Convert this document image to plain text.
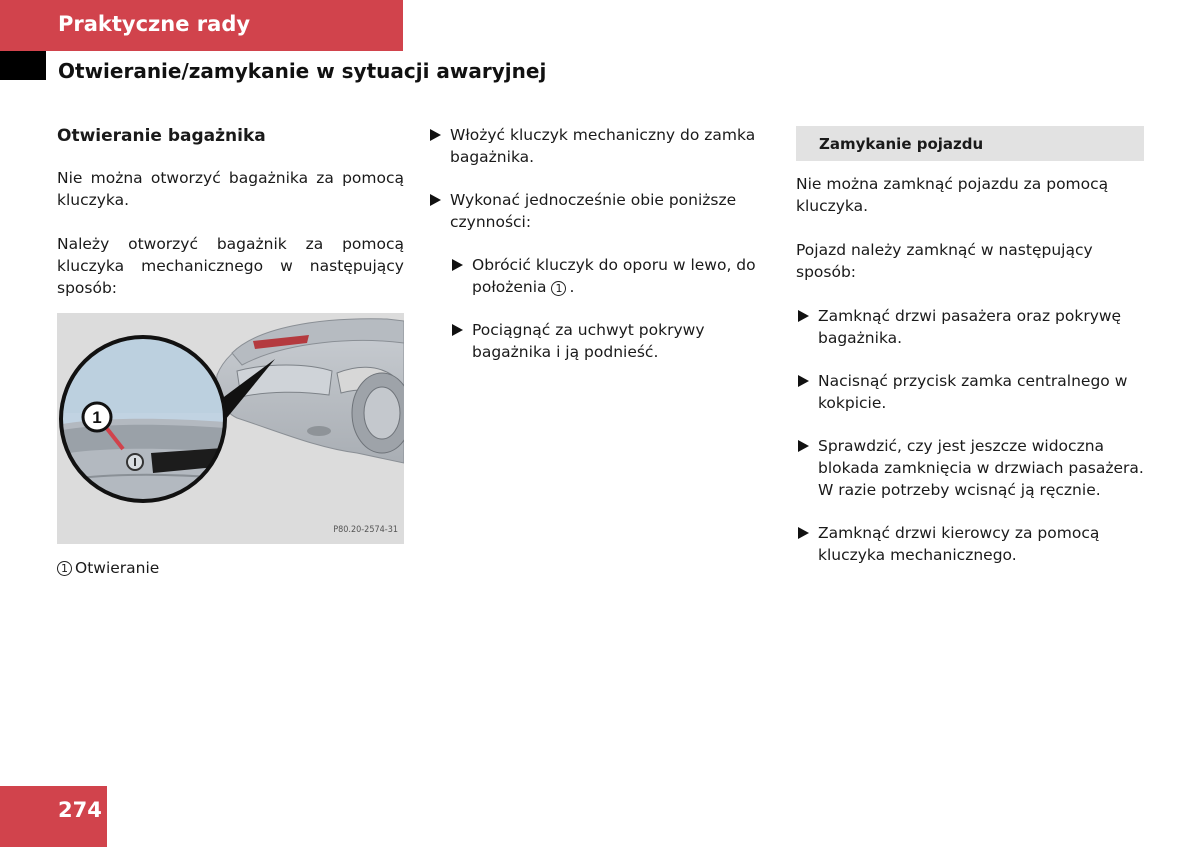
Praktyczne rady
Otwieranie/zamykanie w sytuacji awaryjnej
Otwieranie bagażnika

Nie można otworzyć bagażnika za pomocą kluczyka.

Należy otworzyć bagażnik za pomocą kluczyka mechanicznego w następujący sposób:

1
P80.20-2574-31
1 Otwieranie
Włożyć kluczyk mechaniczny do zamka bagażnika.
Wykonać jednocześnie obie poniższe czynności:
Obrócić kluczyk do oporu w lewo, do położenia 1 .
Pociągnąć za uchwyt pokrywy bagażnika i ją podnieść.
Zamykanie pojazdu

Nie można zamknąć pojazdu za pomocą kluczyka.

Pojazd należy zamknąć w następujący sposób:

Zamknąć drzwi pasażera oraz pokrywę bagażnika.
Nacisnąć przycisk zamka centralnego w kokpicie.
Sprawdzić, czy jest jeszcze widoczna blokada zamknięcia w drzwiach pasażera. W razie potrzeby wcisnąć ją ręcznie.
Zamknąć drzwi kierowcy za pomocą kluczyka mechanicznego.
274
